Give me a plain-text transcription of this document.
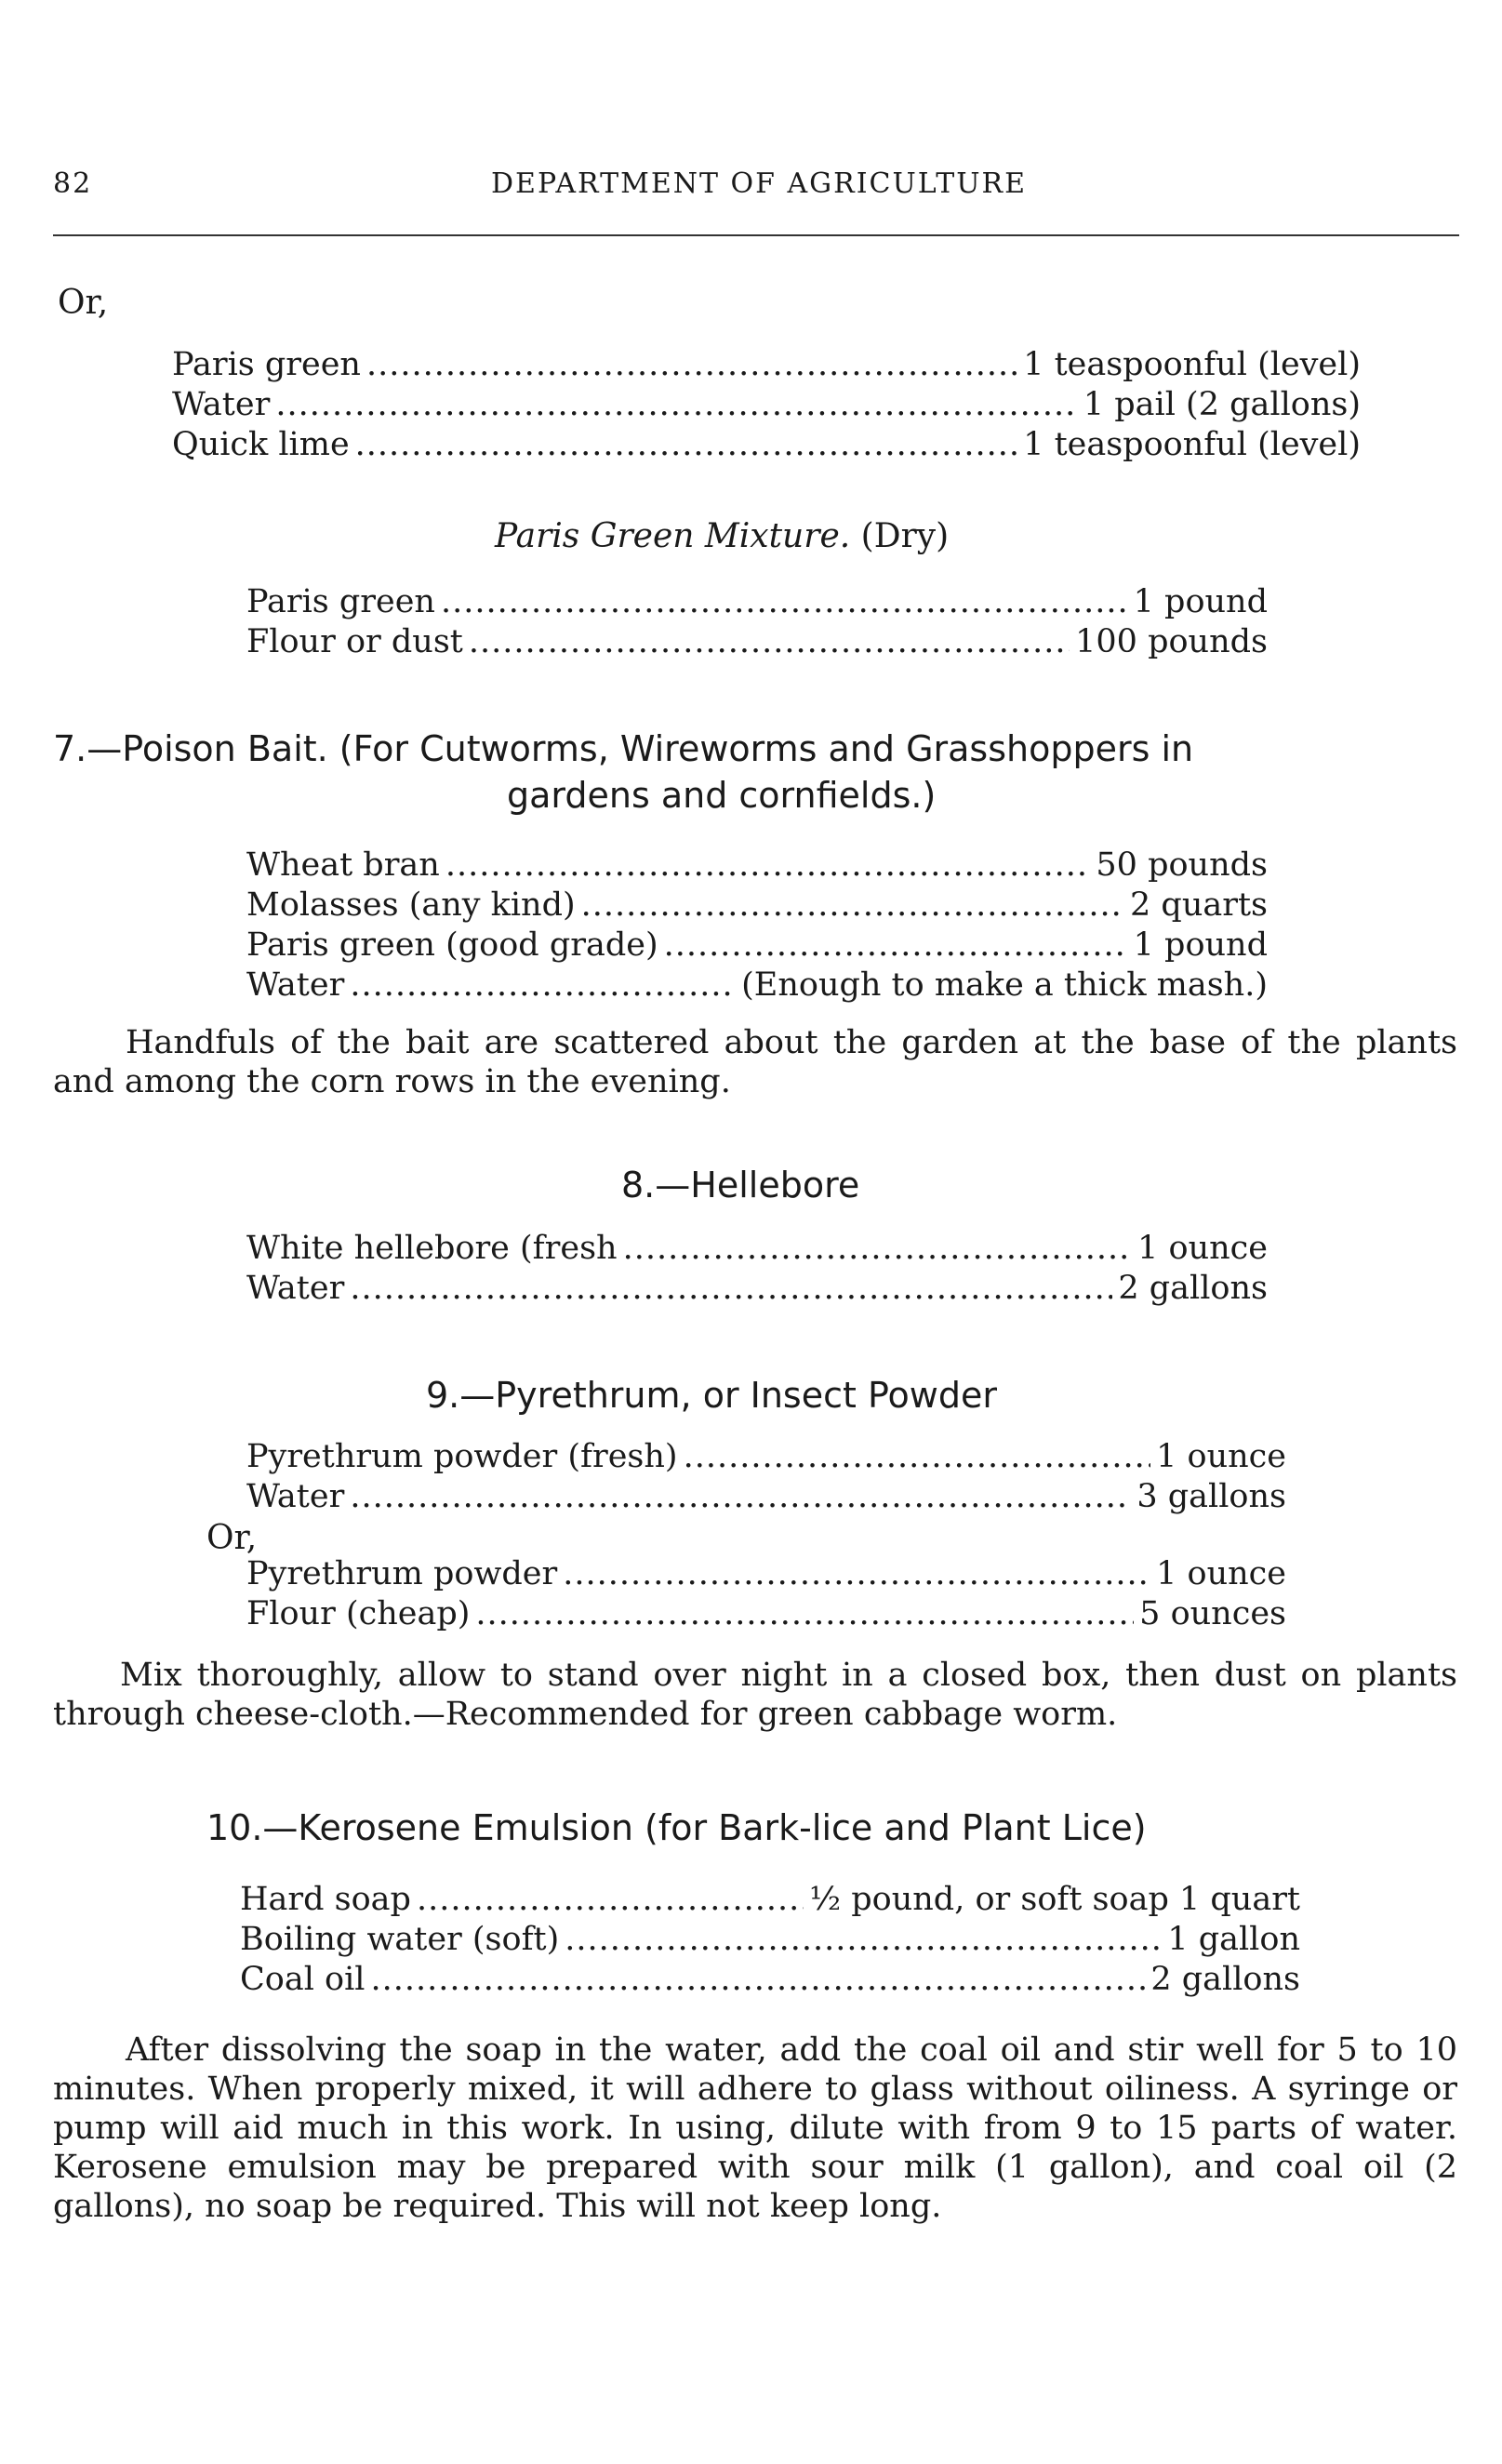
82	DEPARTMENT OF AGRICULTURE
Or,
Paris green .....	1 teaspoonful (level)
Water .....	1 pail (2 gallons)
Quick lime .....	1 teaspoonful (level)
Paris Green Mixture. (Dry)
Paris green .....	1 pound
Flour or dust .....	100 pounds
7.—Poison Bait. (For Cutworms, Wireworms and Grasshoppers in
gardens and cornfields.)
Wheat bran .....	50 pounds
Molasses (any kind) .....	2 quarts
Paris green (good grade) .....	1 pound
Water .....	(Enough to make a thick mash.)
Handfuls of the bait are scattered about the garden at the base of the plants and among the corn rows in the evening.
8.—Hellebore
White hellebore (fresh .....	1 ounce
Water .....	2 gallons
9.—Pyrethrum, or Insect Powder
Pyrethrum powder (fresh) .....	1 ounce
Water .....	3 gallons
Or,
Pyrethrum powder .....	1 ounce
Flour (cheap) .....	5 ounces
Mix thoroughly, allow to stand over night in a closed box, then dust on plants through cheese-cloth.—Recommended for green cabbage worm.
10.—Kerosene Emulsion (for Bark-lice and Plant Lice)
Hard soap .....	½ pound, or soft soap 1 quart
Boiling water (soft) .....	1 gallon
Coal oil .....	2 gallons
After dissolving the soap in the water, add the coal oil and stir well for 5 to 10 minutes. When properly mixed, it will adhere to glass without oiliness. A syringe or pump will aid much in this work. In using, dilute with from 9 to 15 parts of water. Kerosene emulsion may be prepared with sour milk (1 gallon), and coal oil (2 gallons), no soap be required. This will not keep long.
